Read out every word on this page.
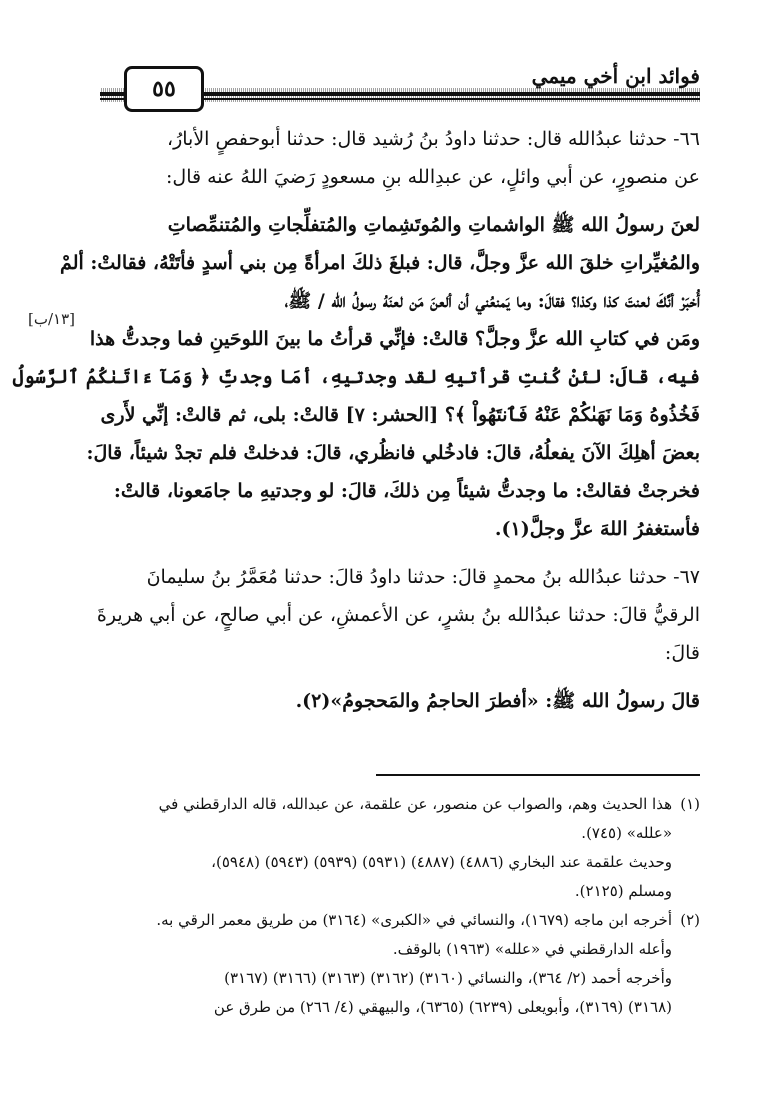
٥٥	فوائد ابن أخي ميمي
[١٣/ب]
٦٦- حدثنا عبدُالله قال: حدثنا داودُ بنُ رُشيد قال: حدثنا أبوحفصٍ الأبارُ،
عن منصورٍ، عن أبي وائلٍ، عن عبدِالله بنِ مسعودٍ رَضيَ اللهُ عنه قال:
لعنَ رسولُ الله ﷺ الواشماتِ والمُوتَشِماتِ والمُتفلِّجاتِ والمُتنمِّصاتِ
والمُغيِّراتِ خلقَ الله عزَّ وجلَّ، قال: فبلغَ ذلكَ امرأةً مِن بني أسدٍ فأتَتْهُ، فقالتْ: ألمْ
أُخبَرْ أنَّكَ لعنتَ كذا وكذا؟ فقالَ: وما يَمنعُني أن ألعنَ مَن لعنَهُ رسولُ الله / ﷺ،
ومَن في كتابِ الله عزَّ وجلَّ؟ قالتْ: فإنِّي قرأتُ ما بينَ اللوحَينِ فما وجدتُّ هذا
فيه، قالَ: لئنْ كُنتِ قرأتيهِ لقد وجدتيهِ، أمَا وجدتِّ ﴿ وَمَآ ءَاتَىٰكُمُ ٱلرَّسُولُ
فَخُذُوهُ وَمَا نَهَىٰكُمْ عَنْهُ فَٱنتَهُواْ ﴾؟ [الحشر: ٧] قالتْ: بلى، ثم قالتْ: إنِّي لأَرى
بعضَ أهلِكَ الآنَ يفعلُهُ، قالَ: فادخُلي فانظُري، قالَ: فدخلتْ فلم تجدْ شيئاً، قالَ:
فخرجتْ فقالتْ: ما وجدتُّ شيئاً مِن ذلكَ، قالَ: لو وجدتيهِ ما جامَعونا، قالتْ:
فأستغفرُ اللهَ عزَّ وجلَّ(١).
٦٧- حدثنا عبدُالله بنُ محمدٍ قالَ: حدثنا داودُ قالَ: حدثنا مُعَمَّرُ بنُ سليمانَ
الرقيُّ قالَ: حدثنا عبدُالله بنُ بشرٍ، عن الأعمشِ، عن أبي صالحٍ، عن أبي هريرةَ
قالَ:
قالَ رسولُ الله ﷺ: «أفطرَ الحاجمُ والمَحجومُ»(٢).
(١)هذا الحديث وهم، والصواب عن منصور، عن علقمة، عن عبدالله، قاله الدارقطني في
«علله» (٧٤٥).
وحديث علقمة عند البخاري (٤٨٨٦) (٤٨٨٧) (٥٩٣١) (٥٩٣٩) (٥٩٤٣) (٥٩٤٨)،
ومسلم (٢١٢٥).
(٢)أخرجه ابن ماجه (١٦٧٩)، والنسائي في «الكبرى» (٣١٦٤) من طريق معمر الرقي به.
وأعله الدارقطني في «علله» (١٩٦٣) بالوقف.
وأخرجه أحمد (٢/ ٣٦٤)، والنسائي (٣١٦٠) (٣١٦٢) (٣١٦٣) (٣١٦٦) (٣١٦٧)
(٣١٦٨) (٣١٦٩)، وأبويعلى (٦٢٣٩) (٦٣٦٥)، والبيهقي (٤/ ٢٦٦) من طرق عن
